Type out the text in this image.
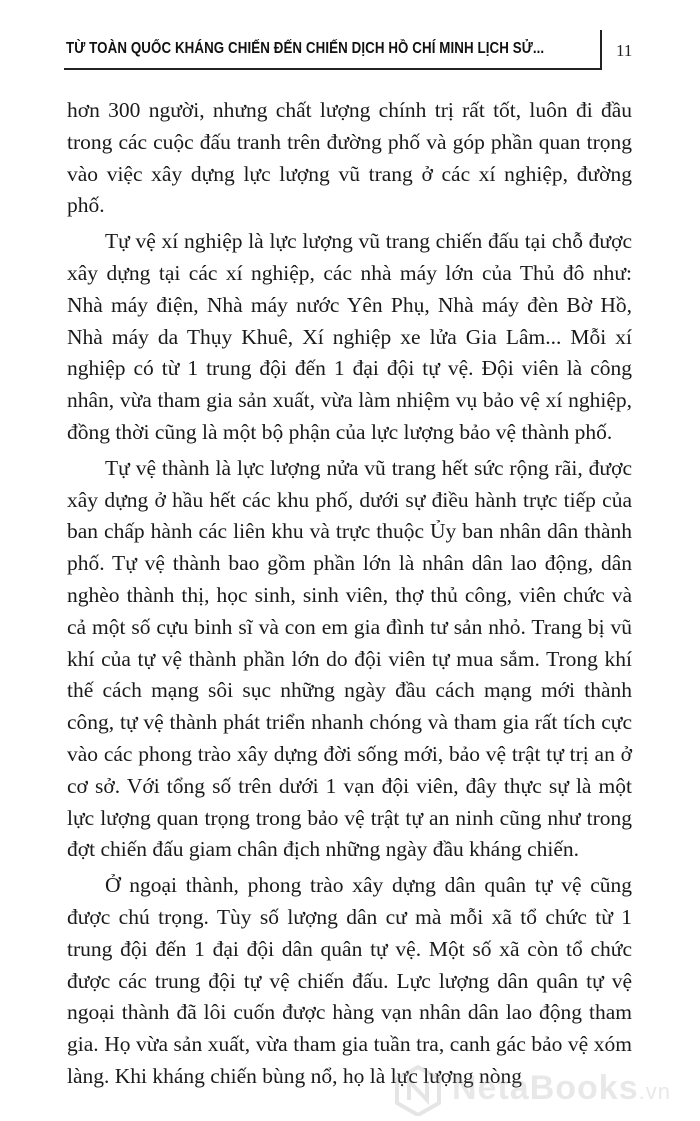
TỪ TOÀN QUỐC KHÁNG CHIẾN ĐẾN CHIẾN DỊCH HỒ CHÍ MINH LỊCH SỬ...	11

hơn 300 người, nhưng chất lượng chính trị rất tốt, luôn đi đầu trong các cuộc đấu tranh trên đường phố và góp phần quan trọng vào việc xây dựng lực lượng vũ trang ở các xí nghiệp, đường phố.

Tự vệ xí nghiệp là lực lượng vũ trang chiến đấu tại chỗ được xây dựng tại các xí nghiệp, các nhà máy lớn của Thủ đô như: Nhà máy điện, Nhà máy nước Yên Phụ, Nhà máy đèn Bờ Hồ, Nhà máy da Thụy Khuê, Xí nghiệp xe lửa Gia Lâm... Mỗi xí nghiệp có từ 1 trung đội đến 1 đại đội tự vệ. Đội viên là công nhân, vừa tham gia sản xuất, vừa làm nhiệm vụ bảo vệ xí nghiệp, đồng thời cũng là một bộ phận của lực lượng bảo vệ thành phố.

Tự vệ thành là lực lượng nửa vũ trang hết sức rộng rãi, được xây dựng ở hầu hết các khu phố, dưới sự điều hành trực tiếp của ban chấp hành các liên khu và trực thuộc Ủy ban nhân dân thành phố. Tự vệ thành bao gồm phần lớn là nhân dân lao động, dân nghèo thành thị, học sinh, sinh viên, thợ thủ công, viên chức và cả một số cựu binh sĩ và con em gia đình tư sản nhỏ. Trang bị vũ khí của tự vệ thành phần lớn do đội viên tự mua sắm. Trong khí thế cách mạng sôi sục những ngày đầu cách mạng mới thành công, tự vệ thành phát triển nhanh chóng và tham gia rất tích cực vào các phong trào xây dựng đời sống mới, bảo vệ trật tự trị an ở cơ sở. Với tổng số trên dưới 1 vạn đội viên, đây thực sự là một lực lượng quan trọng trong bảo vệ trật tự an ninh cũng như trong đợt chiến đấu giam chân địch những ngày đầu kháng chiến.

Ở ngoại thành, phong trào xây dựng dân quân tự vệ cũng được chú trọng. Tùy số lượng dân cư mà mỗi xã tổ chức từ 1 trung đội đến 1 đại đội dân quân tự vệ. Một số xã còn tổ chức được các trung đội tự vệ chiến đấu. Lực lượng dân quân tự vệ ngoại thành đã lôi cuốn được hàng vạn nhân dân lao động tham gia. Họ vừa sản xuất, vừa tham gia tuần tra, canh gác bảo vệ xóm làng. Khi kháng chiến bùng nổ, họ là lực lượng nòng

NetaBooks.vn
